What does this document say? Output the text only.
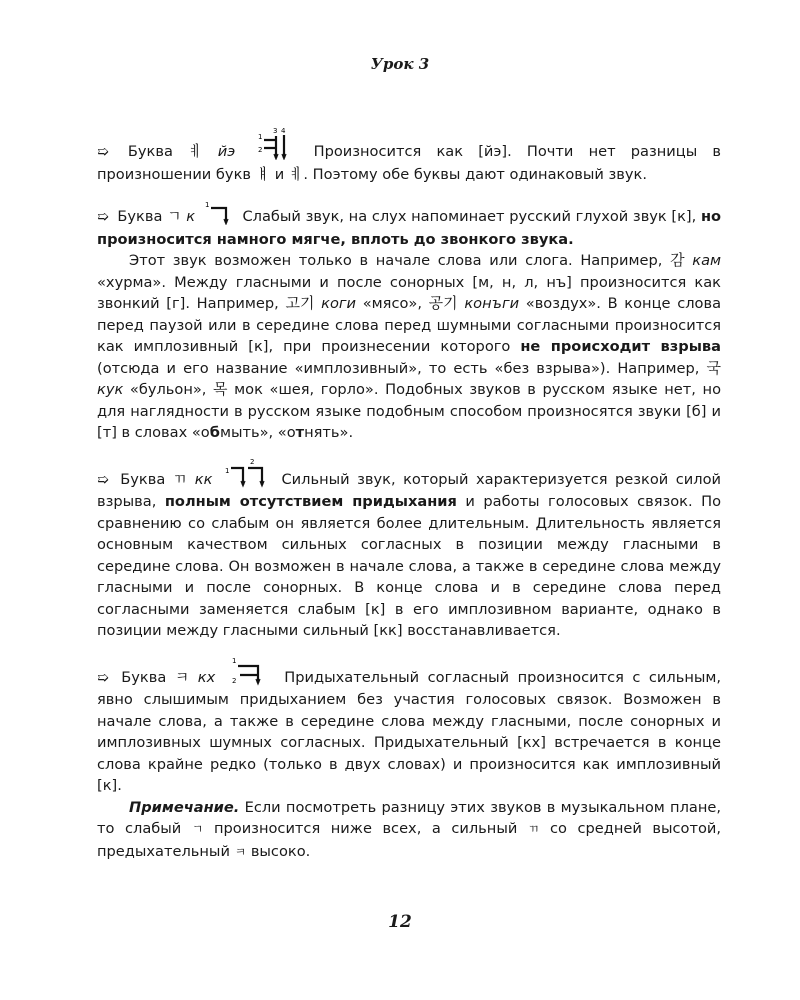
Урок 3

➯ Буква ㅖ йэ
1
2
3 4
Произносится как [йэ]. Почти нет разницы в произношении букв ㅒ и ㅖ. Поэтому обе буквы дают одинаковый звук.

➯ Буква ㄱ к
1
Слабый звук, на слух напоминает русский глухой звук [к], но произносится намного мягче, вплоть до звонкого звука.

Этот звук возможен только в начале слова или слога. Например, 감 кам «хурма». Между гласными и после сонорных [м, н, л, нъ] произносится как звонкий [г]. Например, 고기 коги «мясо», 공기 конъги «воздух». В конце слова перед паузой или в середине слова перед шумными согласными произносится как имплозивный [к], при произнесении которого не происходит взрыва (отсюда и его название «имплозивный», то есть «без взрыва»). Например, 국 кук «бульон», 목 мок «шея, горло». Подобных звуков в русском языке нет, но для наглядности в русском языке подобным способом произносятся звуки [б] и [т] в словах «обмыть», «отнять».

➯ Буква ㄲ кк 1
2
Сильный звук, который характеризуется резкой силой взрыва, полным отсутствием придыхания и работы голосовых связок. По сравнению со слабым он является более длительным. Длительность является основным качеством сильных согласных в позиции между гласными в середине слова. Он возможен в начале слова, а также в середине слова между гласными и после сонорных. В конце слова и в середине слова перед согласными заменяется слабым [к] в его имплозивном варианте, однако в позиции между гласными сильный [кк] восстанавливается.

➯ Буква ㅋ кх
1
2	Придыхательный согласный произносится с сильным, явно слышимым придыханием без участия голосовых связок. Возможен в начале слова, а также в середине слова между гласными, после сонорных и имплозивных шумных согласных. Придыхательный [кх] встречается в конце слова крайне редко (только в двух словах) и произносится как имплозивный [к].

Примечание. Если посмотреть разницу этих звуков в музыкальном плане, то слабый ㄱ произносится ниже всех, а сильный ㄲ со средней высотой, предыхательный ㅋ высоко.

12
